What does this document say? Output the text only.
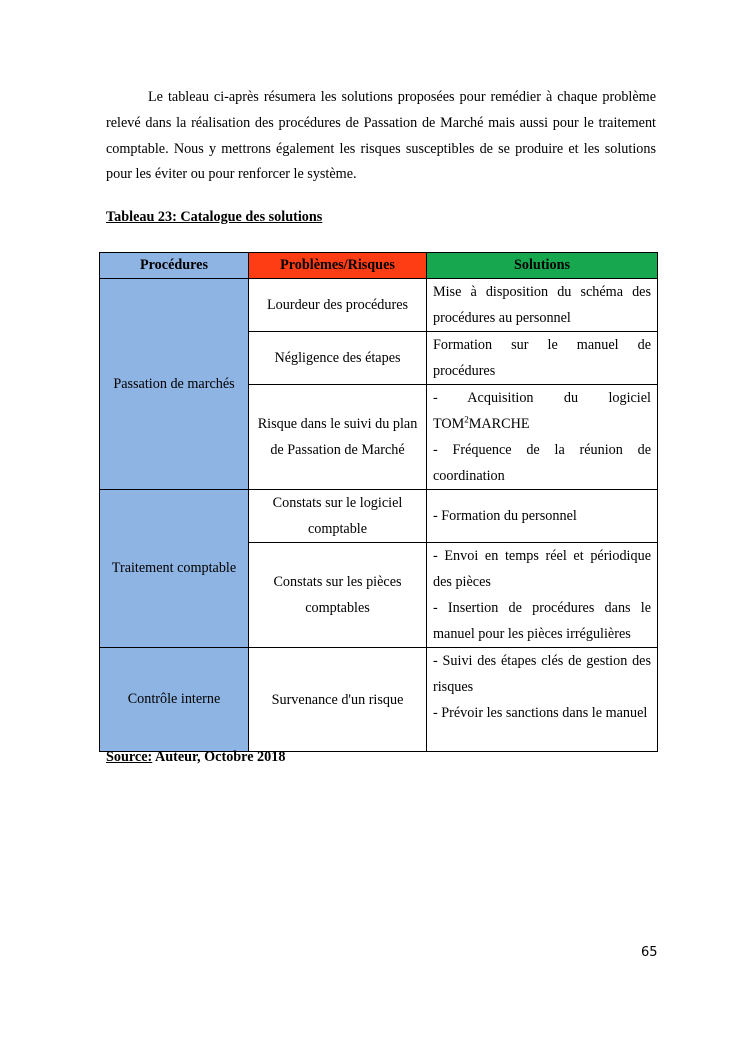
Le tableau ci-après résumera les solutions proposées pour remédier à chaque problème relevé dans la réalisation des procédures de Passation de Marché mais aussi pour le traitement comptable. Nous y mettrons également les risques susceptibles de se produire et les solutions pour les éviter ou pour renforcer le système.

Tableau 23: Catalogue des solutions

Procédures	Problèmes/Risques	Solutions
Passation de marchés	Lourdeur des procédures	Mise à disposition du schéma des procédures au personnel

	Négligence des étapes	Formation sur le manuel de procédures

	Risque dans le suivi du plan de Passation de Marché	- Acquisition du logiciel TOM$^2$MARCHE

- Fréquence de la réunion de coordination

Traitement comptable	Constats sur le logiciel comptable	- Formation du personnel

	Constats sur les pièces comptables	- Envoi en temps réel et périodique des pièces

- Insertion de procédures dans le manuel pour les pièces irrégulières

Contrôle interne	Survenance d'un risque	- Suivi des étapes clés de gestion des risques

- Prévoir les sanctions dans le manuel

Source: Auteur, Octobre 2018

65
